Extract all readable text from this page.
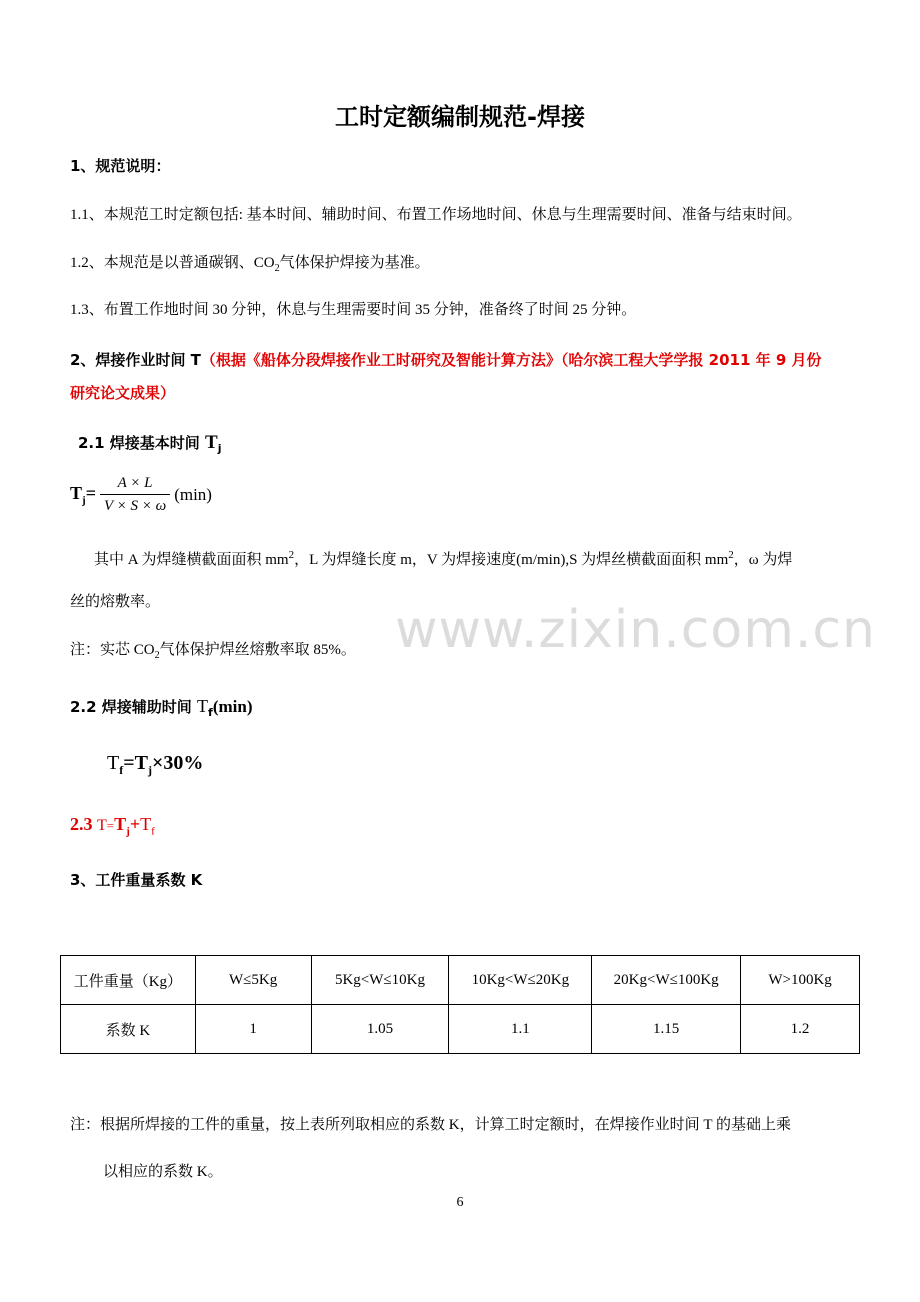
www.zixin.com.cn
工时定额编制规范-焊接
1、规范说明：
1.1、本规范工时定额包括: 基本时间、辅助时间、布置工作场地时间、休息与生理需要时间、准备与结束时间。
1.2、本规范是以普通碳钢、$CO_2$气体保护焊接为基准。
1.3、布置工作地时间 30 分钟，休息与生理需要时间 35 分钟，准备终了时间 25 分钟。
2、焊接作业时间 T（根据《船体分段焊接作业工时研究及智能计算方法》（哈尔滨工程大学学报 2011 年 9 月份
研究论文成果）
2.1 焊接基本时间 $T_j$
$T_j= \frac{A \times L}{V \times S \times \omega} (\min)$
其中 A 为焊缝横截面面积 $mm^2$，L 为焊缝长度 m，V 为焊接速度(m/min),S 为焊丝横截面面积 $mm^2$，ω 为焊
丝的熔敷率。
注：实芯 $CO_2$气体保护焊丝熔敷率取 85%。
2.2 焊接辅助时间 $T_f(\min)$
$T_f=T_j\times 30\%$
2.3 $T=T_j+T_f$
3、工件重量系数 K
工件重量（Kg）	W≤5Kg	5Kg<W≤10Kg	10Kg<W≤20Kg	20Kg<W≤100Kg	W>100Kg
系数 K	1	1.05	1.1	1.15	1.2
注：根据所焊接的工件的重量，按上表所列取相应的系数 K，计算工时定额时，在焊接作业时间 T 的基础上乘
以相应的系数 K。
6
